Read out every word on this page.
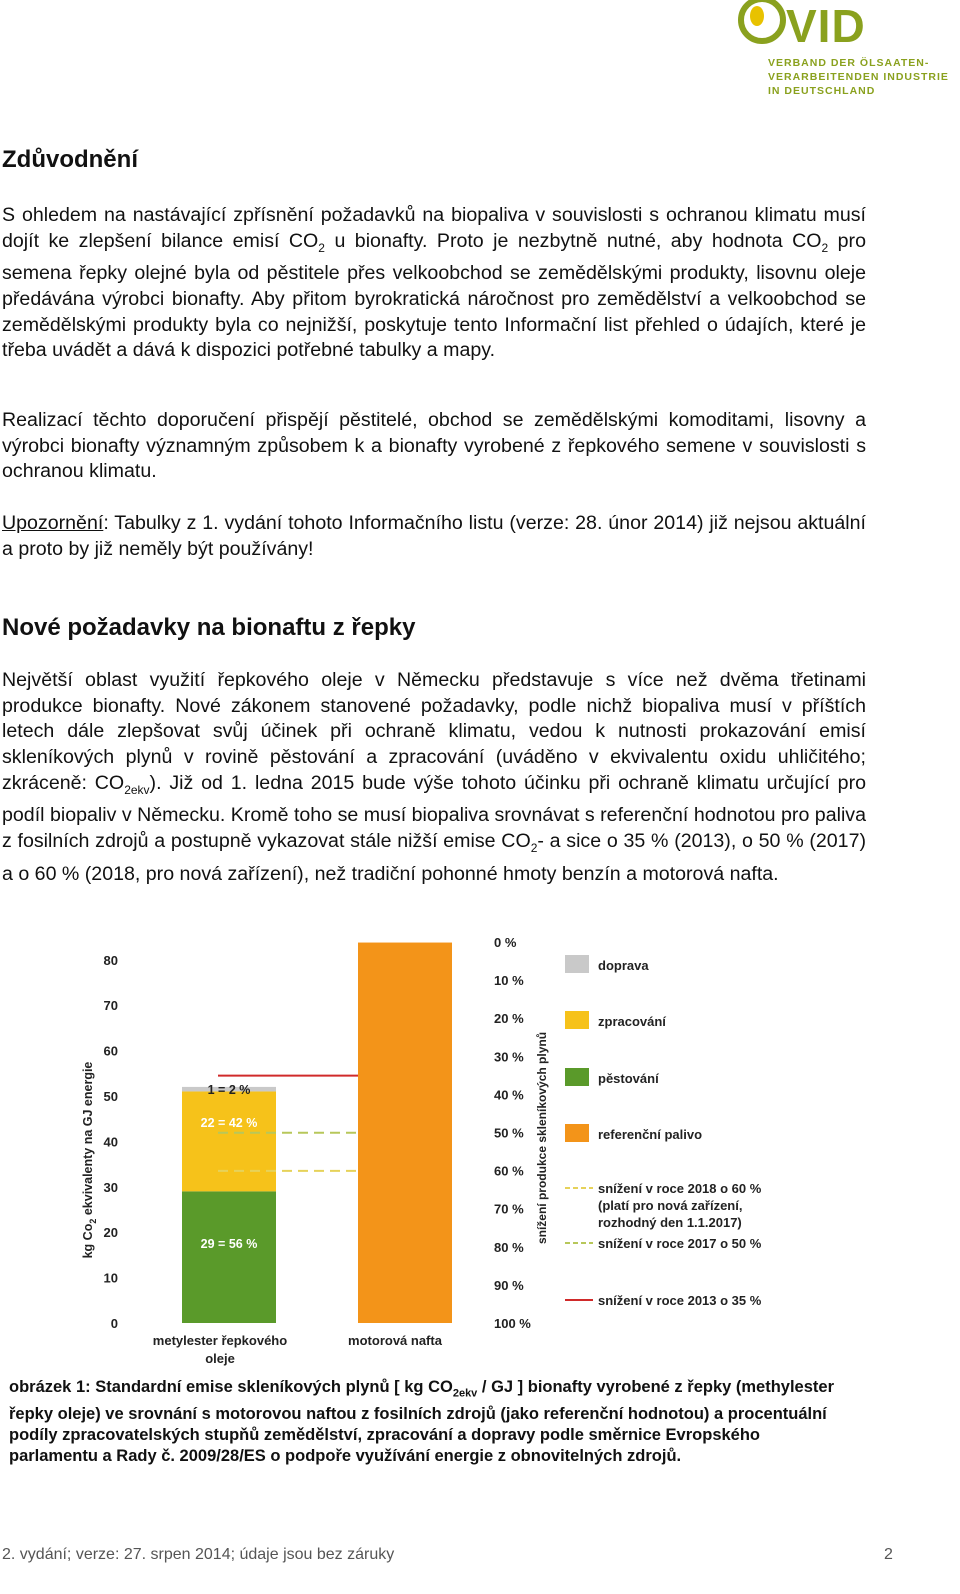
VID
VERBAND DER ÖLSAATEN-
VERARBEITENDEN INDUSTRIE
IN DEUTSCHLAND
Zdůvodnění

S ohledem na nastávající zpřísnění požadavků na biopaliva v souvislosti s ochranou klimatu musí dojít ke zlepšení bilance emisí $CO_2$ u bionafty. Proto je nezbytně nutné, aby hodnota $CO_2$ pro semena řepky olejné byla od pěstitele přes velkoobchod se zemědělskými produkty, lisovnu oleje předávána výrobci bionafty. Aby přitom byrokratická náročnost pro zemědělství a velkoobchod se zemědělskými produkty byla co nejnižší, poskytuje tento Informační list přehled o údajích, které je třeba uvádět a dává k dispozici potřebné tabulky a mapy.

Realizací těchto doporučení přispějí pěstitelé, obchod se zemědělskými komoditami, lisovny a výrobci bionafty významným způsobem k a bionafty vyrobené z řepkového semene v souvislosti s ochranou klimatu.

Upozornění: Tabulky z 1. vydání tohoto Informačního listu (verze: 28. únor 2014) již nejsou aktuální a proto by již neměly být používány!

Nové požadavky na bionaftu z řepky

Největší oblast využití řepkového oleje v Německu představuje s více než dvěma třetinami produkce bionafty. Nové zákonem stanovené požadavky, podle nichž biopaliva musí v příštích letech dále zlepšovat svůj účinek při ochraně klimatu, vedou k nutnosti prokazování emisí skleníkových plynů v rovině pěstování a zpracování (uváděno v ekvivalentu oxidu uhličitého; zkráceně: $CO_{2ekv}$). Již od 1. ledna 2015 bude výše tohoto účinku při ochraně klimatu určující pro podíl biopaliv v Německu. Kromě toho se musí biopaliva srovnávat s referenční hodnotou pro paliva z fosilních zdrojů a postupně vykazovat stále nižší emise $CO_2-$ a sice o 35 % (2013), o 50 % (2017) a o 60 % (2018, pro nová zařízení), než tradiční pohonné hmoty benzín a motorová nafta.

kg $Co_2$ ekvivalenty na GJ energie
0
10
20
30
40
50
60
70
80
29 = 56 %
22 = 42 %
1 = 2 %
metylester řepkového
oleje
motorová nafta
0 %
10 %
20 %
30 %
40 %
50 %
60 %
70 %
80 %
90 %
100 %
snížení produkce skleníkových plynů
doprava
zpracování
pěstování
referenční palivo
snížení v roce 2018 o 60 %
(platí pro nová zařízení,
rozhodný den 1.1.2017)
snížení v roce 2017 o 50 %
snížení v roce 2013 o 35 %

obrázek 1: Standardní emise skleníkových plynů [ kg $CO_{2ekv}$ / GJ ] bionafty vyrobené z řepky (methylester řepky oleje) ve srovnání s motorovou naftou z fosilních zdrojů (jako referenční hodnotou) a procentuální podíly zpracovatelských stupňů zemědělství, zpracování a dopravy podle směrnice Evropského parlamentu a Rady č. 2009/28/ES o podpoře využívání energie z obnovitelných zdrojů.

2. vydání; verze: 27. srpen 2014; údaje jsou bez záruky	2
